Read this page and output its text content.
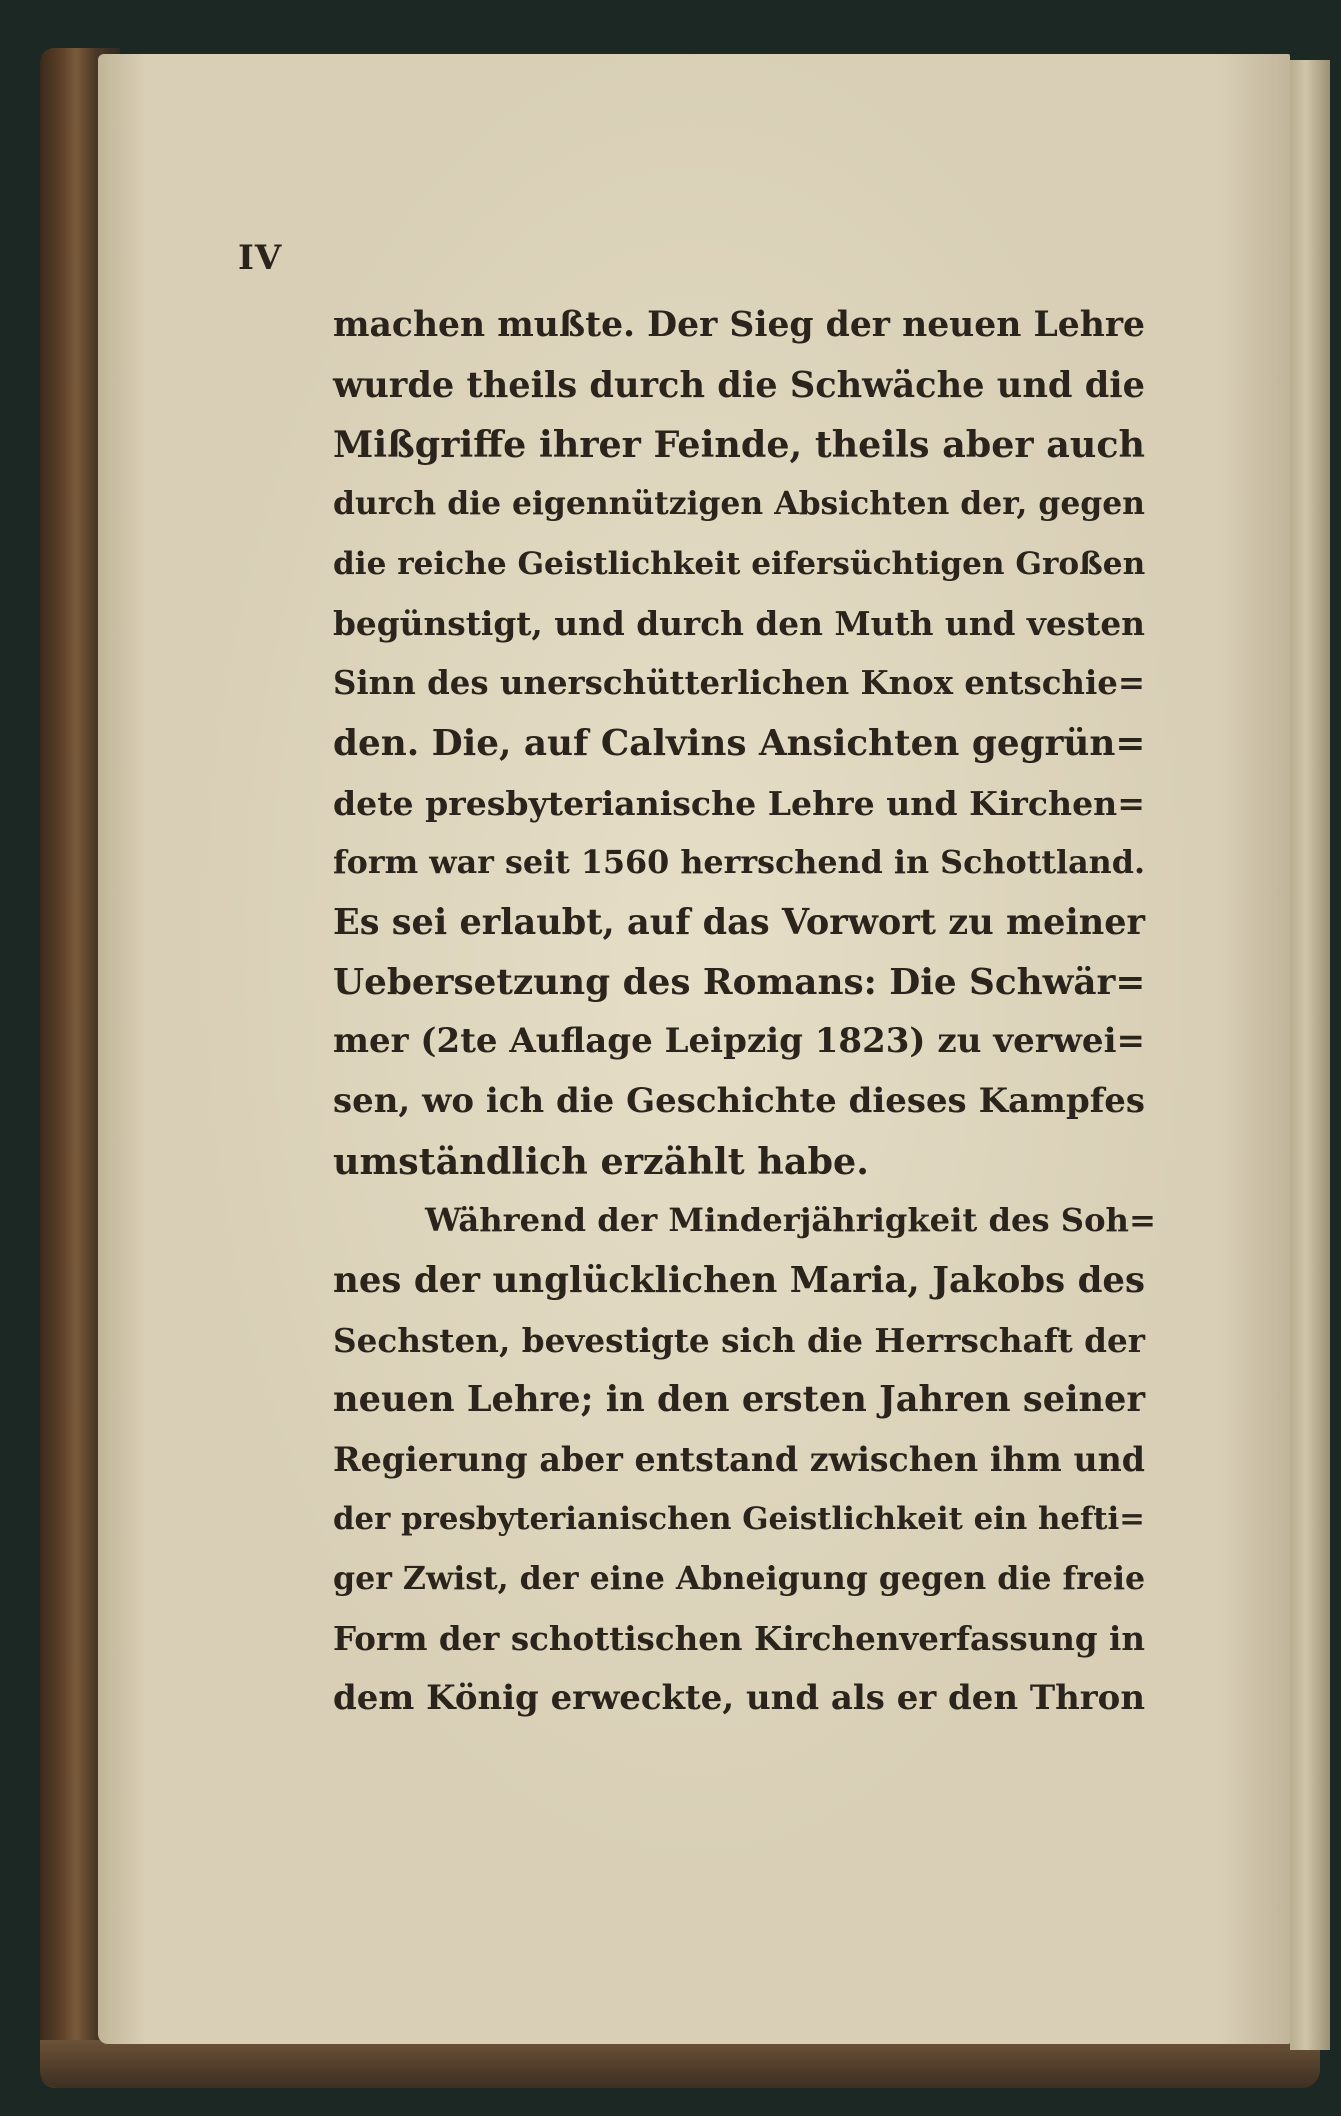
IV
machen mußte. Der Sieg der neuen Lehre
wurde theils durch die Schwäche und die
Mißgriffe ihrer Feinde, theils aber auch
durch die eigennützigen Absichten der, gegen
die reiche Geistlichkeit eifersüchtigen Großen
begünstigt, und durch den Muth und vesten
Sinn des unerschütterlichen Knox entschie=
den. Die, auf Calvins Ansichten gegrün=
dete presbyterianische Lehre und Kirchen=
form war seit 1560 herrschend in Schottland.
Es sei erlaubt, auf das Vorwort zu meiner
Uebersetzung des Romans: Die Schwär=
mer (2te Auflage Leipzig 1823) zu verwei=
sen, wo ich die Geschichte dieses Kampfes
umständlich erzählt habe.
Während der Minderjährigkeit des Soh=
nes der unglücklichen Maria, Jakobs des
Sechsten, bevestigte sich die Herrschaft der
neuen Lehre; in den ersten Jahren seiner
Regierung aber entstand zwischen ihm und
der presbyterianischen Geistlichkeit ein hefti=
ger Zwist, der eine Abneigung gegen die freie
Form der schottischen Kirchenverfassung in
dem König erweckte, und als er den Thron
